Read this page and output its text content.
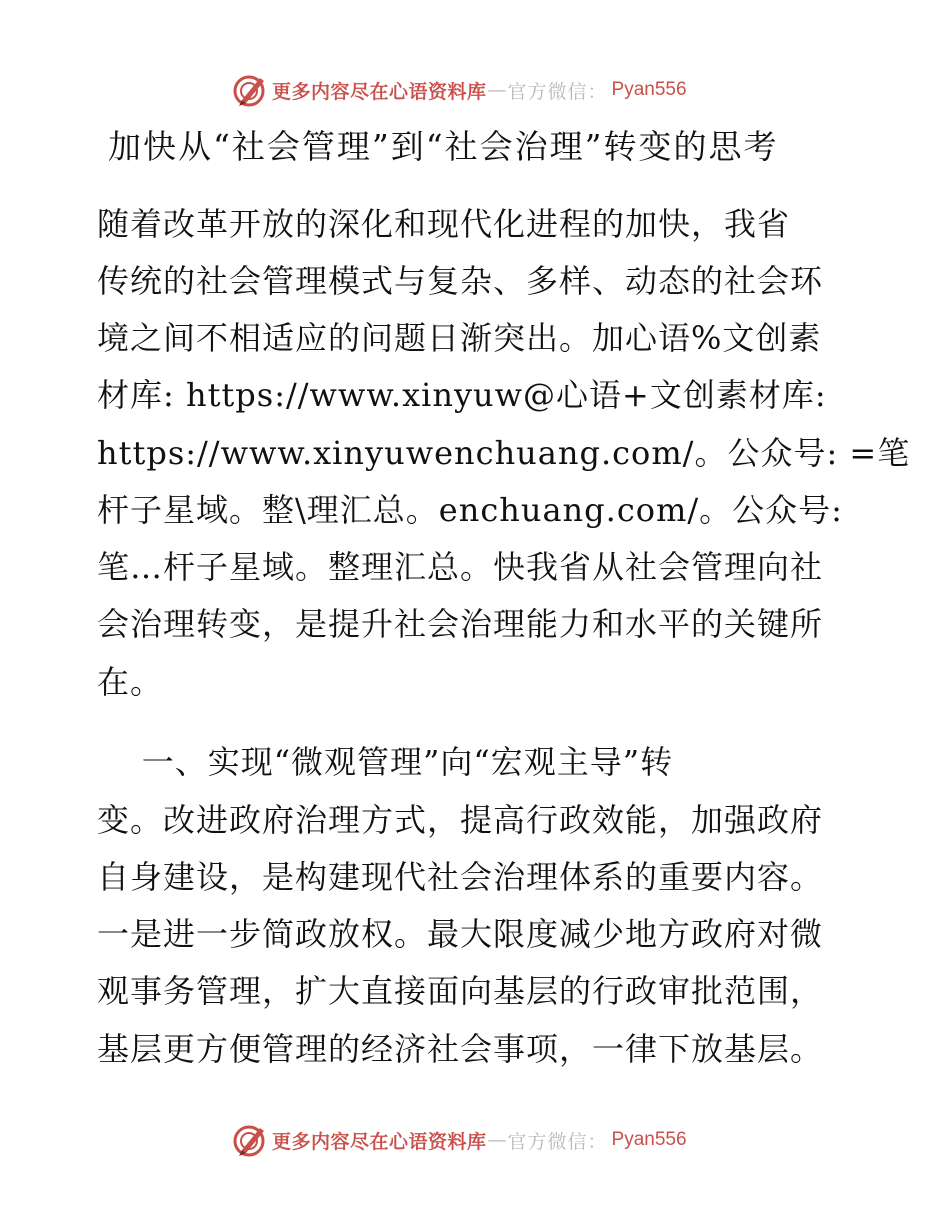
更多内容尽在心语资料库 — 官方微信： Pyan556
加快从“社会管理”到“社会治理”转变的思考
随着改革开放的深化和现代化进程的加快，我省
传统的社会管理模式与复杂、多样、动态的社会环
境之间不相适应的问题日渐突出。加心语%文创素
材库: https://www.xinyuw@心语+文创素材库:
https://www.xinyuwenchuang.com/。公众号: =笔
杆子星域。整\理汇总。enchuang.com/。公众号:
笔…杆子星域。整理汇总。快我省从社会管理向社
会治理转变，是提升社会治理能力和水平的关键所
在。
一、实现“微观管理”向“宏观主导”转
变。改进政府治理方式，提高行政效能，加强政府
自身建设，是构建现代社会治理体系的重要内容。
一是进一步简政放权。最大限度减少地方政府对微
观事务管理，扩大直接面向基层的行政审批范围，
基层更方便管理的经济社会事项，一律下放基层。
更多内容尽在心语资料库 — 官方微信： Pyan556
